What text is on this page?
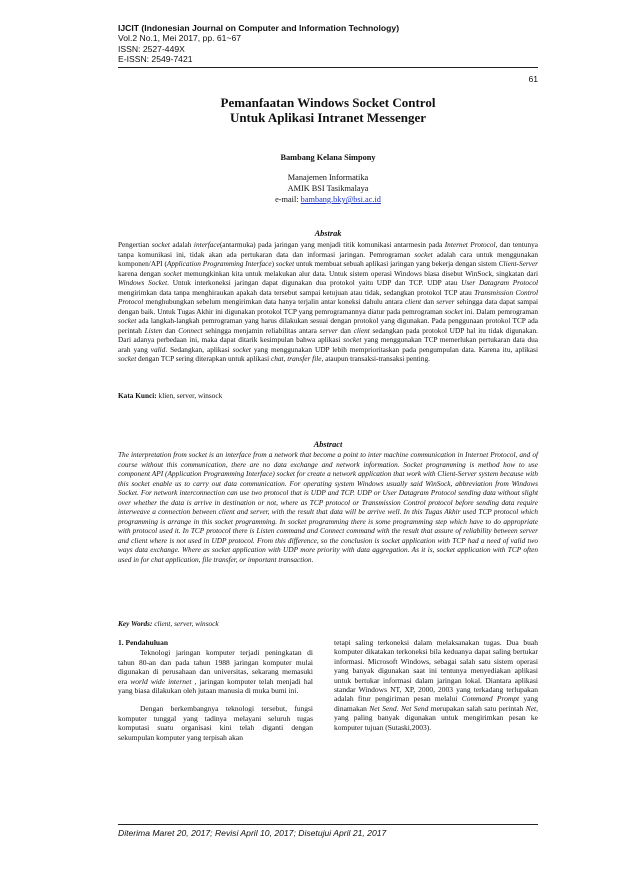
IJCIT (Indonesian Journal on Computer and Information Technology)
Vol.2 No.1, Mei 2017, pp. 61~67
ISSN: 2527-449X
E-ISSN: 2549-7421
61
Pemanfaatan Windows Socket Control
Untuk Aplikasi Intranet Messenger
Bambang Kelana Simpony
Manajemen Informatika
AMIK BSI Tasikmalaya
e-mail: bambang.bky@bsi.ac.id
Abstrak

Pengertian socket adalah interface(antarmuka) pada jaringan yang menjadi titik komunikasi antarmesin pada Internet Protocol, dan tentunya tanpa komunikasi ini, tidak akan ada pertukaran data dan informasi jaringan. Pemrograman socket adalah cara untuk menggunakan komponen/API (Application Programming Interface) socket untuk membuat sebuah aplikasi jaringan yang bekerja dengan sistem Client-Server karena dengan socket memungkinkan kita untuk melakukan alur data. Untuk sistem operasi Windows biasa disebut WinSock, singkatan dari Windows Socket. Untuk interkoneksi jaringan dapat digunakan dua protokol yaitu UDP dan TCP. UDP atau User Datagram Protocol mengirimkan data tanpa menghiraukan apakah data tersebut sampai ketujuan atau tidak, sedangkan protokol TCP atau Transmission Control Protocol menghubungkan sebelum mengirimkan data hanya terjalin antar koneksi dahulu antara client dan server sehingga data dapat sampai dengan baik. Untuk Tugas Akhir ini digunakan protokol TCP yang pemrogramannya diatur pada pemrograman socket ini. Dalam pemrograman socket ada langkah-langkah pemrograman yang harus dilakukan sesuai dengan protokol yang digunakan. Pada penggunaan protokol TCP ada perintah Listen dan Connect sehingga menjamin reliabilitas antara server dan client sedangkan pada protokol UDP hal itu tidak digunakan. Dari adanya perbedaan ini, maka dapat ditarik kesimpulan bahwa aplikasi socket yang menggunakan TCP memerlukan pertukaran data dua arah yang valid. Sedangkan, aplikasi socket yang menggunakan UDP lebih memprioritaskan pada pengumpulan data. Karena itu, aplikasi socket dengan TCP sering diterapkan untuk aplikasi chat, transfer file, ataupun transaksi-transaksi penting.

Kata Kunci: klien, server, winsock
Abstract

The interpretation from socket is an interface from a network that become a point to inter machine communication in Internet Protocol, and of course without this communication, there are no data exchange and network information. Socket programming is method how to use component API (Application Programming Interface) socket for create a network application that work with Client-Server system because with this socket enable us to carry out data communication. For operating system Windows usually said WinSock, abbreviation from Windows Socket. For network interconnection can use two protocol that is UDP and TCP. UDP or User Datagram Protocol sending data without slight over whether the data is arrive in destination or not, where as TCP protocol or Transmission Control protocol before sending data require interweave a connection between client and server, with the result that data will be arrive well. In this Tugas Akhir used TCP protocol which programming is arrange in this socket programming. In socket programming there is some programming step which have to do appropriate with protocol used it. In TCP protocol there is Listen command and Connect command with the result that assure of reliability between server and client where is not used in UDP protocol. From this difference, so the conclusion is socket application with TCP had a need of valid two ways data exchange. Where as socket application with UDP more priority with data aggregation. As it is, socket application with TCP often used in for chat application, file transfer, or important transaction.

Key Words: client, server, winsock

1. Pendahuluan

Teknologi jaringan komputer terjadi peningkatan di tahun 80-an dan pada tahun 1988 jaringan komputer mulai digunakan di perusahaan dan universitas, sekarang memasuki era world wide internet , jaringan komputer telah menjadi hal yang biasa dilakukan oleh jutaan manusia di muka bumi ini.

Dengan berkembangnya teknologi tersebut, fungsi komputer tunggal yang tadinya melayani seluruh tugas komputasi suatu organisasi kini telah diganti dengan sekumpulan komputer yang terpisah akan

tetapi saling terkoneksi dalam melaksanakan tugas. Dua buah komputer dikatakan terkoneksi bila keduanya dapat saling bertukar informasi. Microsoft Windows, sebagai salah satu sistem operasi yang banyak digunakan saat ini tentunya menyediakan aplikasi untuk bertukar informasi dalam jaringan lokal. Diantara aplikasi standar Windows NT, XP, 2000, 2003 yang terkadang terlupakan adalah fitur pengiriman pesan melalui Command Prompt yang dinamakan Net Send. Net Send merupakan salah satu perintah Net, yang paling banyak digunakan untuk mengirimkan pesan ke komputer tujuan (Sutaski,2003).

Diterima Maret 20, 2017; Revisi April 10, 2017; Disetujui April 21, 2017
